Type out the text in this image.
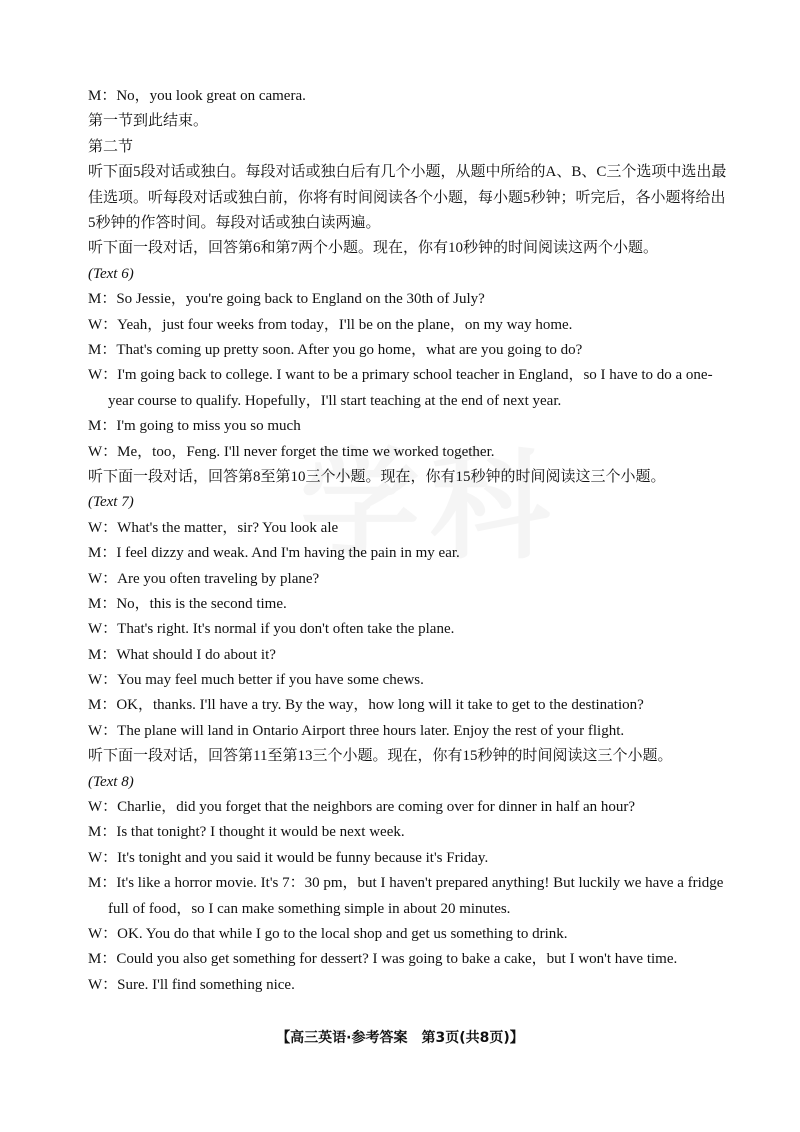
M：No，you look great on camera.
第一节到此结束。
第二节
听下面5段对话或独白。每段对话或独白后有几个小题，从题中所给的A、B、C三个选项中选出最佳选项。听每段对话或独白前，你将有时间阅读各个小题，每小题5秒钟；听完后，各小题将给出5秒钟的作答时间。每段对话或独白读两遍。
听下面一段对话，回答第6和第7两个小题。现在，你有10秒钟的时间阅读这两个小题。
(Text 6)
M：So Jessie，you're going back to England on the 30th of July?
W：Yeah，just four weeks from today，I'll be on the plane，on my way home.
M：That's coming up pretty soon. After you go home，what are you going to do?
W：I'm going back to college. I want to be a primary school teacher in England，so I have to do a one-year course to qualify. Hopefully，I'll start teaching at the end of next year.
M：I'm going to miss you so much
W：Me，too，Feng. I'll never forget the time we worked together.
听下面一段对话，回答第8至第10三个小题。现在，你有15秒钟的时间阅读这三个小题。
(Text 7)
W：What's the matter，sir? You look ale
M：I feel dizzy and weak. And I'm having the pain in my ear.
W：Are you often traveling by plane?
M：No，this is the second time.
W：That's right. It's normal if you don't often take the plane.
M：What should I do about it?
W：You may feel much better if you have some chews.
M：OK，thanks. I'll have a try. By the way，how long will it take to get to the destination?
W：The plane will land in Ontario Airport three hours later. Enjoy the rest of your flight.
听下面一段对话，回答第11至第13三个小题。现在，你有15秒钟的时间阅读这三个小题。
(Text 8)
W：Charlie，did you forget that the neighbors are coming over for dinner in half an hour?
M：Is that tonight? I thought it would be next week.
W：It's tonight and you said it would be funny because it's Friday.
M：It's like a horror movie. It's 7：30 pm，but I haven't prepared anything! But luckily we have a fridge full of food，so I can make something simple in about 20 minutes.
W：OK. You do that while I go to the local shop and get us something to drink.
M：Could you also get something for dessert? I was going to bake a cake，but I won't have time.
W：Sure. I'll find something nice.
【高三英语·参考答案　第3页(共8页)】
